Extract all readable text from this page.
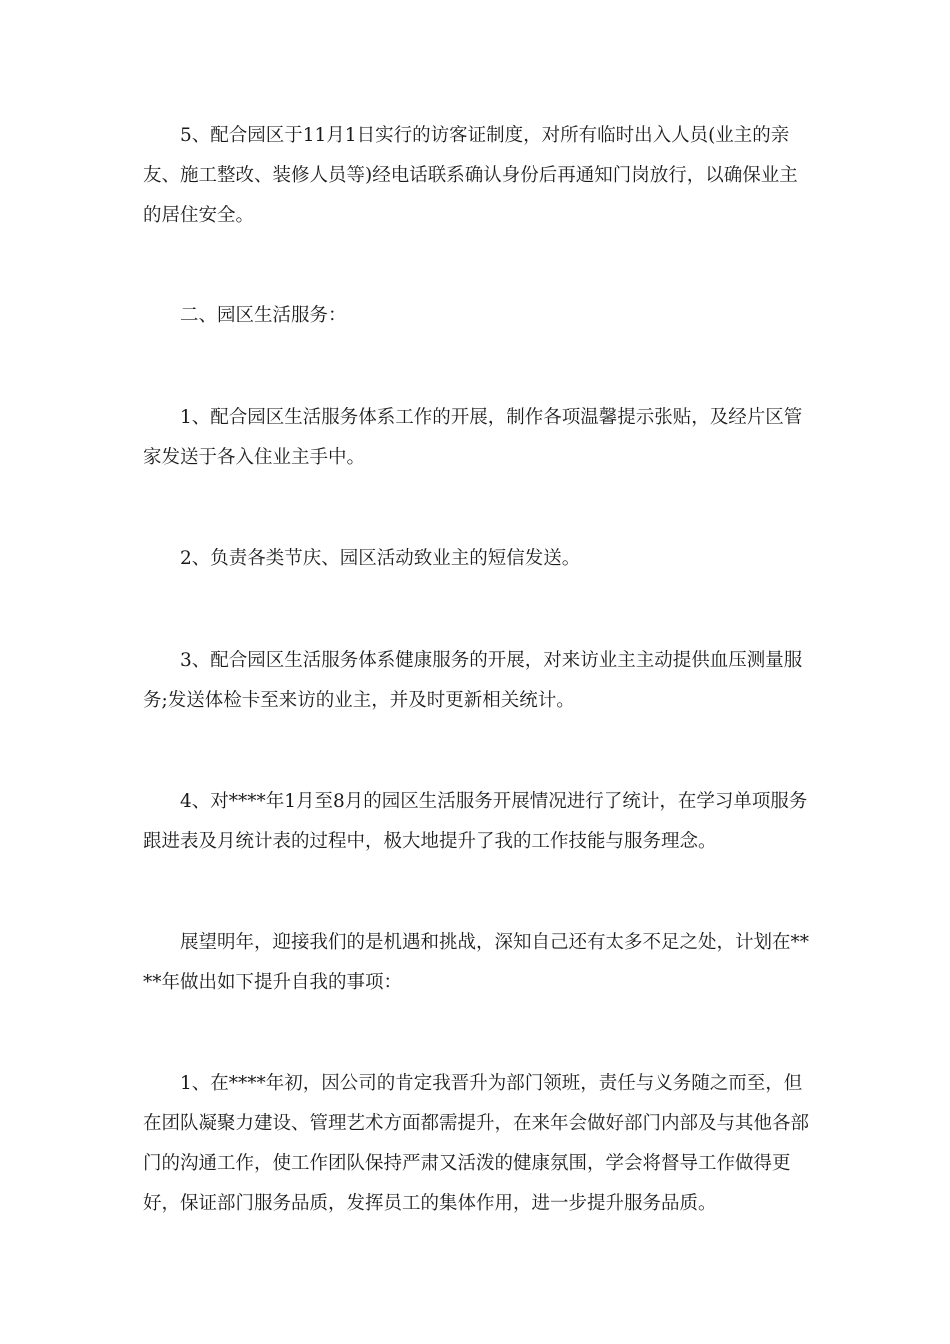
5、配合园区于11月1日实行的访客证制度，对所有临时出入人员(业主的亲友、施工整改、装修人员等)经电话联系确认身份后再通知门岗放行，以确保业主的居住安全。

二、园区生活服务：

1、配合园区生活服务体系工作的开展，制作各项温馨提示张贴，及经片区管家发送于各入住业主手中。

2、负责各类节庆、园区活动致业主的短信发送。

3、配合园区生活服务体系健康服务的开展，对来访业主主动提供血压测量服务;发送体检卡至来访的业主，并及时更新相关统计。

4、对****年1月至8月的园区生活服务开展情况进行了统计，在学习单项服务跟进表及月统计表的过程中，极大地提升了我的工作技能与服务理念。

展望明年，迎接我们的是机遇和挑战，深知自己还有太多不足之处，计划在****年做出如下提升自我的事项：

1、在****年初，因公司的肯定我晋升为部门领班，责任与义务随之而至，但在团队凝聚力建设、管理艺术方面都需提升，在来年会做好部门内部及与其他各部门的沟通工作，使工作团队保持严肃又活泼的健康氛围，学会将督导工作做得更好，保证部门服务品质，发挥员工的集体作用，进一步提升服务品质。
